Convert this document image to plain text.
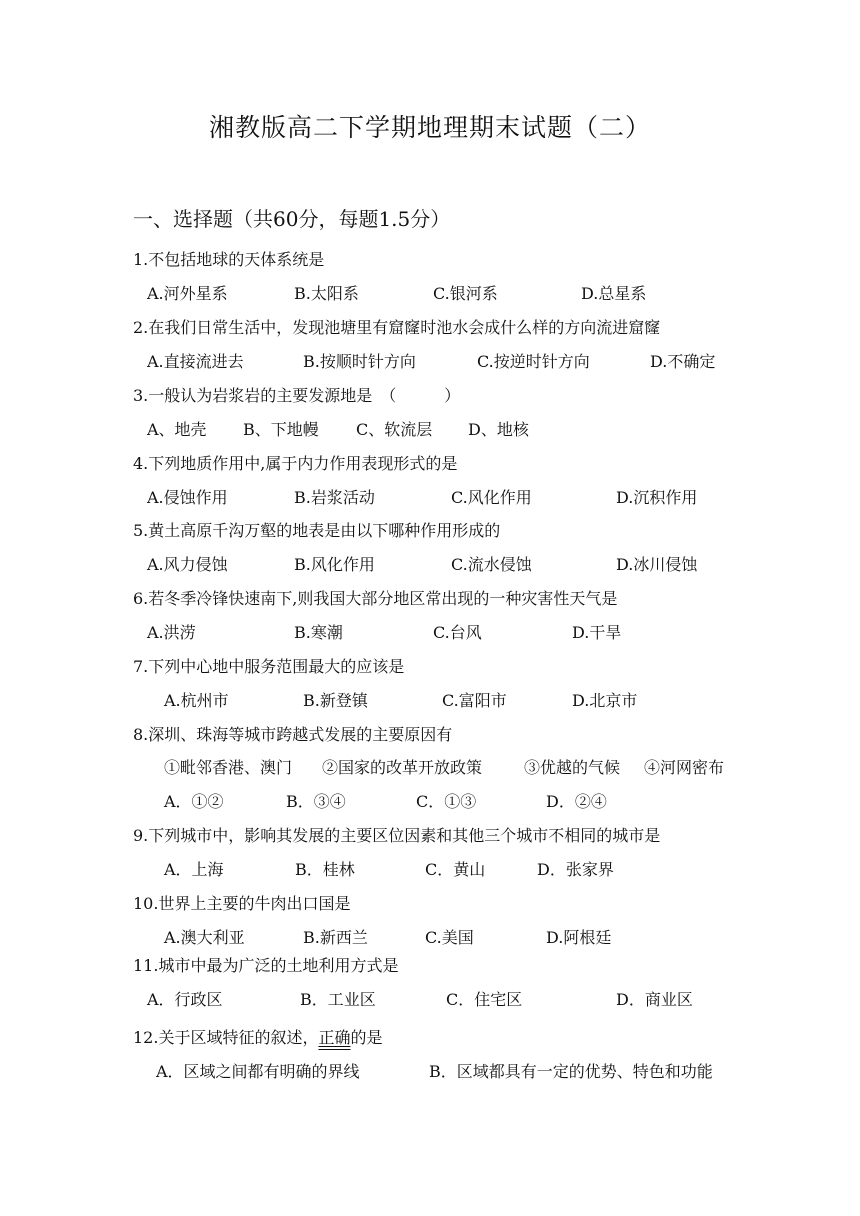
湘教版高二下学期地理期末试题（二）
一、选择题（共60分，每题1.5分）
1.不包括地球的天体系统是
A.河外星系	B.太阳系	C.银河系	D.总星系
2.在我们日常生活中，发现池塘里有窟窿时池水会成什么样的方向流进窟窿
A.直接流进去	B.按顺时针方向	C.按逆时针方向	D.不确定
3.一般认为岩浆岩的主要发源地是　（　　　）
A、地壳 B、下地幔 C、软流层 D、地核
4.下列地质作用中,属于内力作用表现形式的是
A.侵蚀作用	B.岩浆活动	C.风化作用	D.沉积作用
5.黄土高原千沟万壑的地表是由以下哪种作用形成的
A.风力侵蚀	B.风化作用	C.流水侵蚀	D.冰川侵蚀
6.若冬季冷锋快速南下,则我国大部分地区常出现的一种灾害性天气是
A.洪涝	B.寒潮	C.台风	D.干旱
7.下列中心地中服务范围最大的应该是
A.杭州市	B.新登镇	C.富阳市	D.北京市
8.深圳、珠海等城市跨越式发展的主要原因有
①毗邻香港、澳门 ②国家的改革开放政策	③优越的气候 ④河网密布
A．①②	B．③④	C．①③	D．②④
9.下列城市中，影响其发展的主要区位因素和其他三个城市不相同的城市是
A．上海	B．桂林	C．黄山	D．张家界
10.世界上主要的牛肉出口国是
A.澳大利亚	B.新西兰	C.美国	D.阿根廷
11.城市中最为广泛的土地利用方式是
A．行政区	B．工业区	C．住宅区	D．商业区
12.关于区域特征的叙述，正确的是
A．区域之间都有明确的界线	B．区域都具有一定的优势、特色和功能
